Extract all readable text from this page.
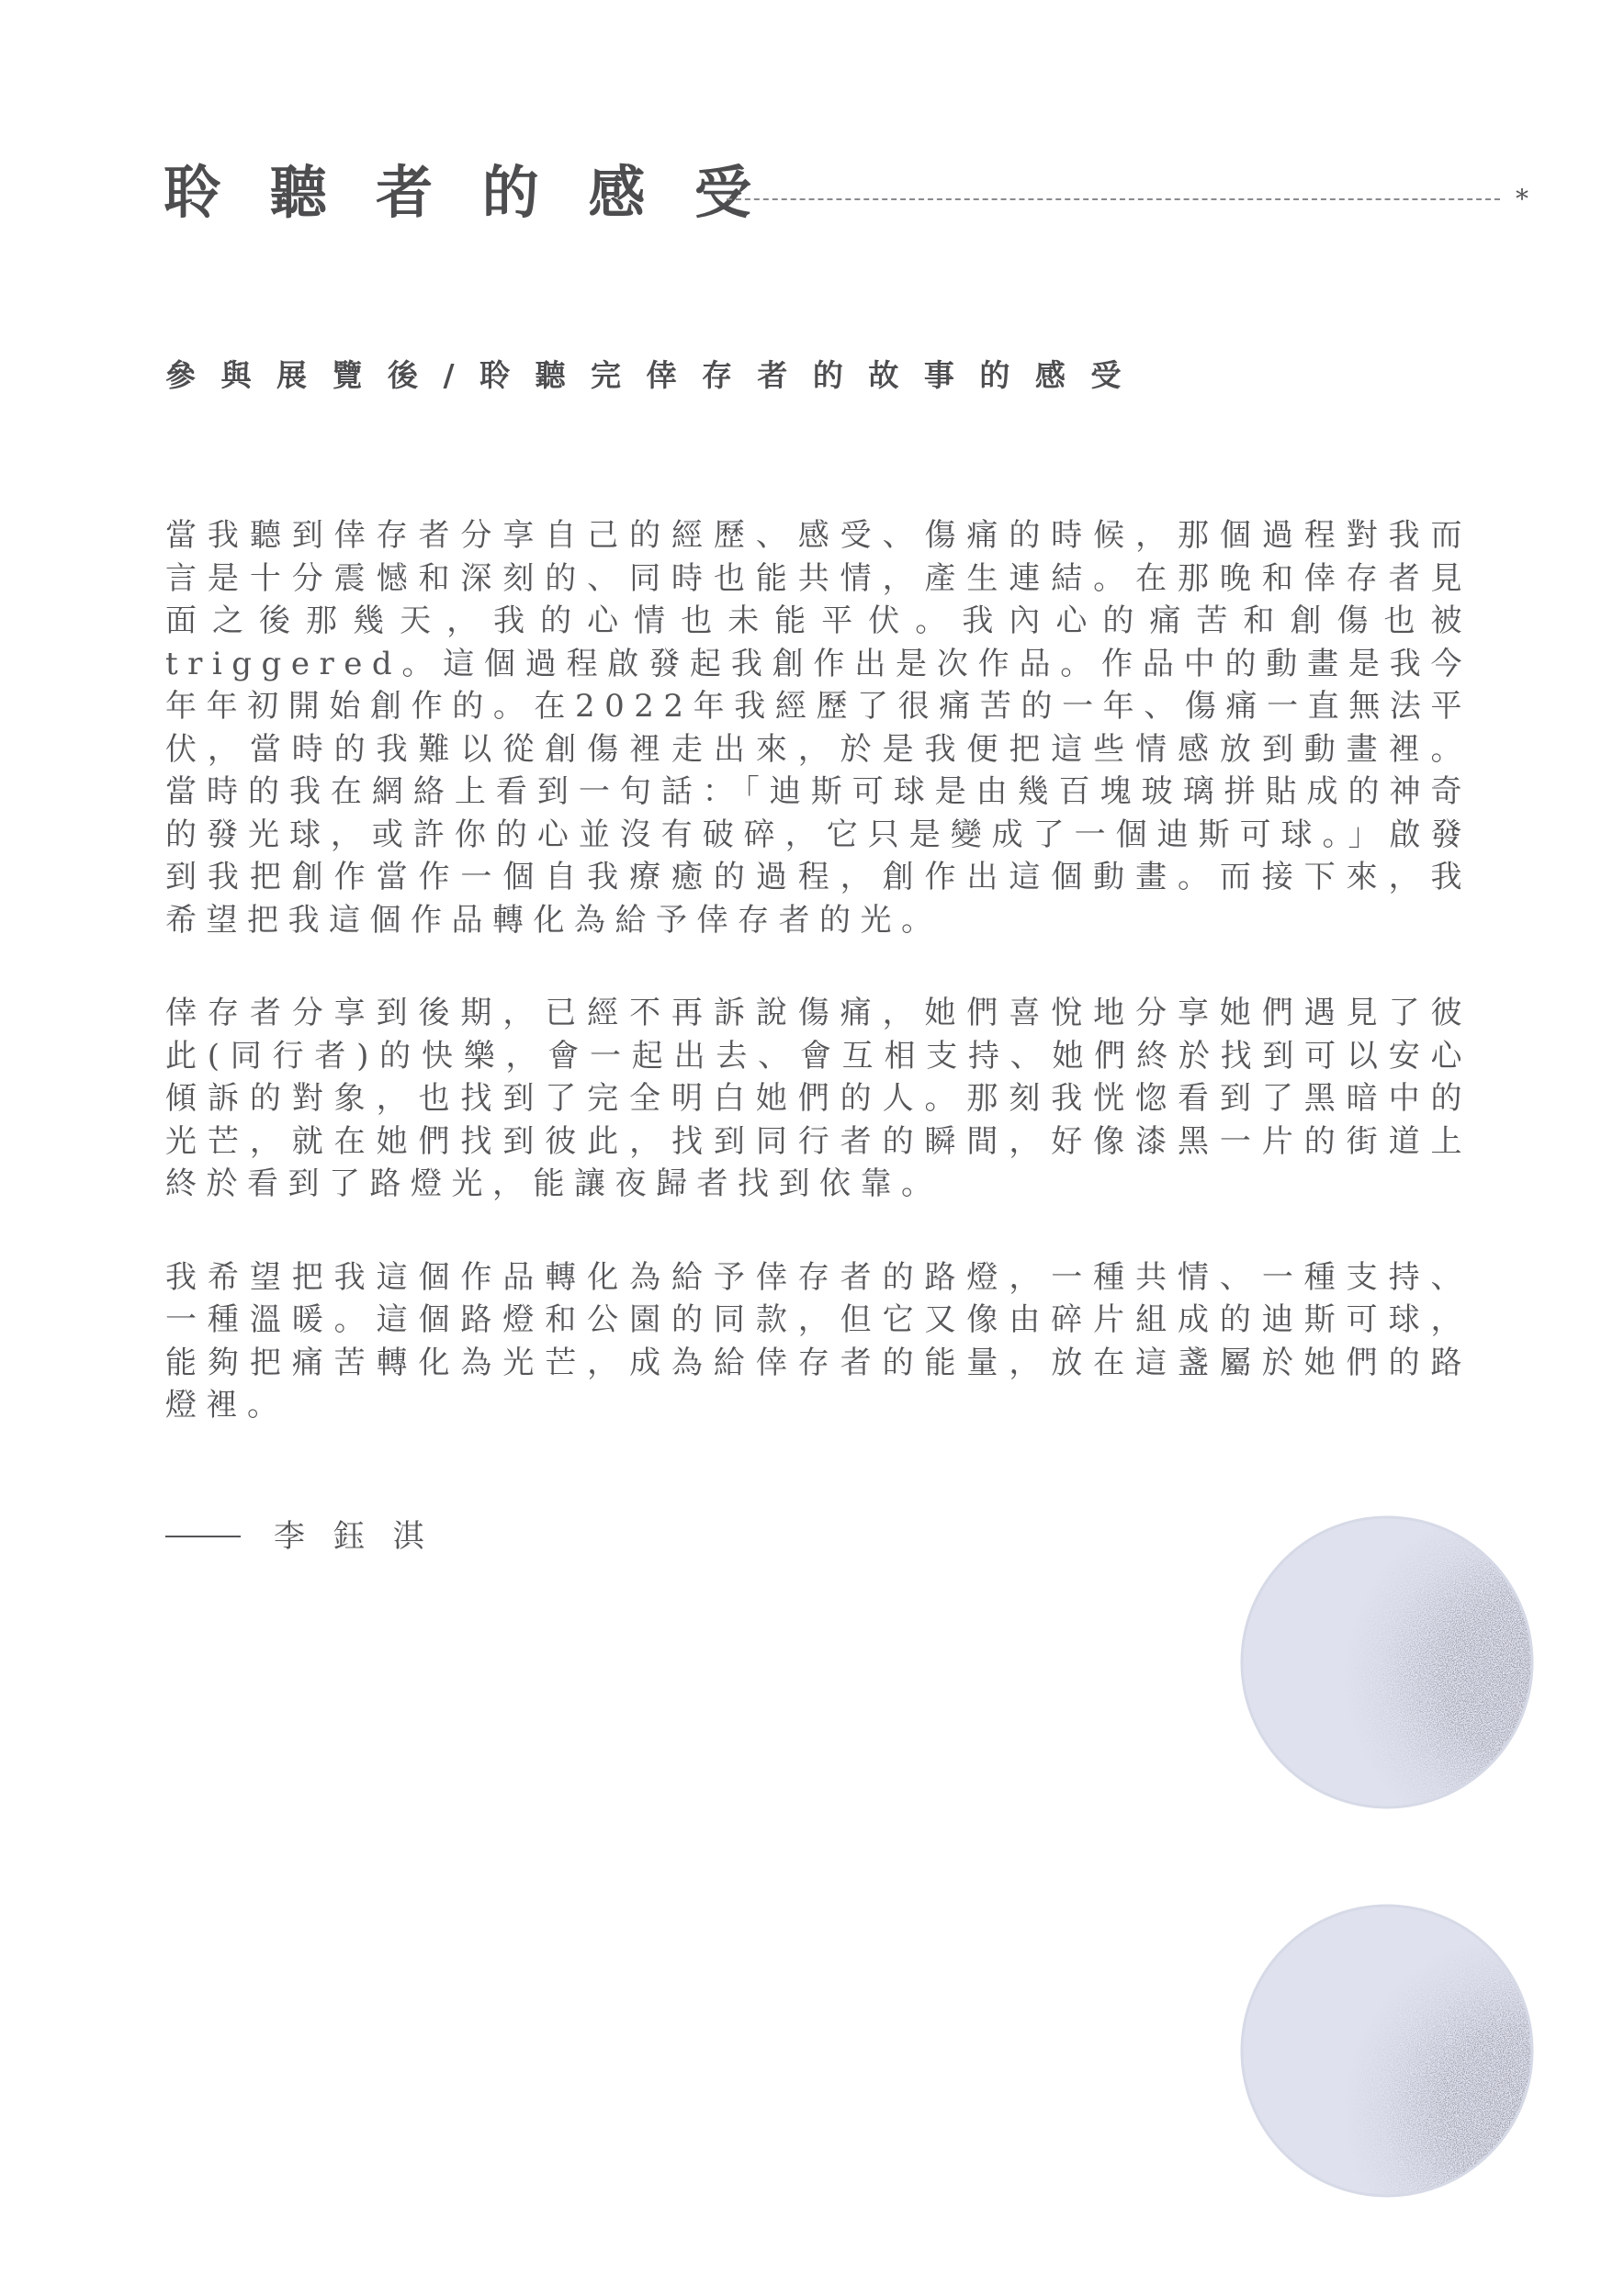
聆 聽 者 的 感 受	*
參 與 展 覽 後 / 聆 聽 完 倖 存 者 的 故 事 的 感 受

當我聽到倖存者分享自己的經歷、感受、傷痛的時候，那個過程對我而言是十分震憾和深刻的、同時也能共情，產生連結。在那晚和倖存者見面之後那幾天，我的心情也未能平伏。我內心的痛苦和創傷也被triggered。這個過程啟發起我創作出是次作品。作品中的動畫是我今年年初開始創作的。在2022年我經歷了很痛苦的一年、傷痛一直無法平伏，當時的我難以從創傷裡走出來，於是我便把這些情感放到動畫裡。當時的我在網絡上看到一句話：「迪斯可球是由幾百塊玻璃拼貼成的神奇的發光球，或許你的心並沒有破碎，它只是變成了一個迪斯可球。」啟發到我把創作當作一個自我療癒的過程，創作出這個動畫。而接下來，我希望把我這個作品轉化為給予倖存者的光。

倖存者分享到後期，已經不再訴說傷痛，她們喜悅地分享她們遇見了彼此(同行者)的快樂，會一起出去、會互相支持、她們終於找到可以安心傾訴的對象，也找到了完全明白她們的人。那刻我恍惚看到了黑暗中的光芒，就在她們找到彼此，找到同行者的瞬間，好像漆黑一片的街道上終於看到了路燈光，能讓夜歸者找到依靠。

我希望把我這個作品轉化為給予倖存者的路燈，一種共情、一種支持、一種溫暖。這個路燈和公園的同款，但它又像由碎片組成的迪斯可球，能夠把痛苦轉化為光芒，成為給倖存者的能量，放在這盞屬於她們的路燈裡。

李 鈺 淇
